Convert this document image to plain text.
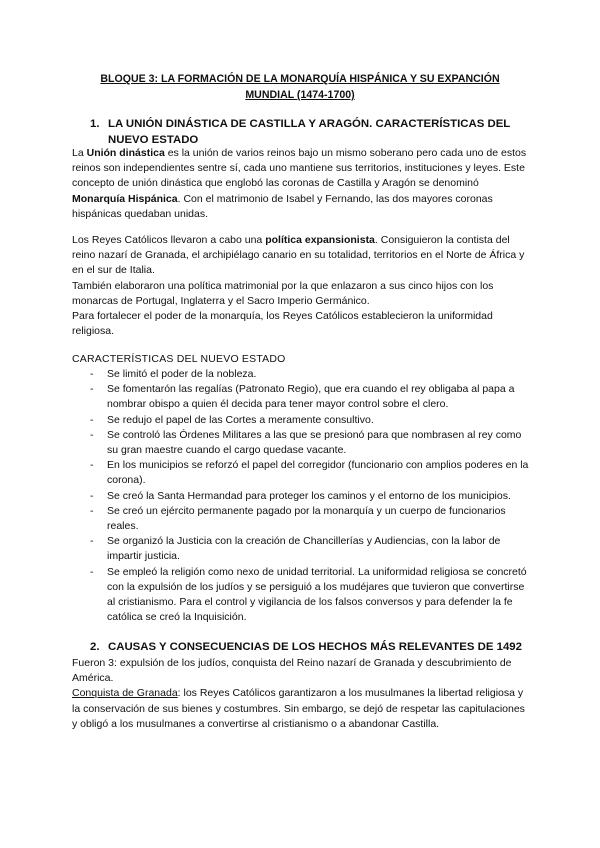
BLOQUE 3: LA FORMACIÓN DE LA MONARQUÍA HISPÁNICA Y SU EXPANCIÓN
MUNDIAL (1474-1700)
1. LA UNIÓN DINÁSTICA DE CASTILLA Y ARAGÓN. CARACTERÍSTICAS DEL
NUEVO ESTADO

La Unión dinástica es la unión de varios reinos bajo un mismo soberano pero cada uno de estos reinos son independientes sentre sí, cada uno mantiene sus territorios, instituciones y leyes. Este concepto de unión dinástica que englobó las coronas de Castilla y Aragón se denominó Monarquía Hispánica. Con el matrimonio de Isabel y Fernando, las dos mayores coronas hispánicas quedaban unidas.

Los Reyes Católicos llevaron a cabo una política expansionista. Consiguieron la contista del reino nazarí de Granada, el archipiélago canario en su totalidad, territorios en el Norte de África y en el sur de Italia.

También elaboraron una política matrimonial por la que enlazaron a sus cinco hijos con los monarcas de Portugal, Inglaterra y el Sacro Imperio Germánico.

Para fortalecer el poder de la monarquía, los Reyes Católicos establecieron la uniformidad religiosa.

CARACTERÍSTICAS DEL NUEVO ESTADO
- Se limitó el poder de la nobleza.
- Se fomentarón las regalías (Patronato Regio), que era cuando el rey obligaba al papa a nombrar obispo a quien él decida para tener mayor control sobre el clero.
- Se redujo el papel de las Cortes a meramente consultivo.
- Se controló las Órdenes Militares a las que se presionó para que nombrasen al rey como su gran maestre cuando el cargo quedase vacante.
- En los municipios se reforzó el papel del corregidor (funcionario con amplios poderes en la corona).
- Se creó la Santa Hermandad para proteger los caminos y el entorno de los municipios.
- Se creó un ejército permanente pagado por la monarquía y un cuerpo de funcionarios reales.
- Se organizó la Justicia con la creación de Chancillerías y Audiencias, con la labor de impartir justicia.
- Se empleó la religión como nexo de unidad territorial. La uniformidad religiosa se concretó con la expulsión de los judíos y se persiguió a los mudéjares que tuvieron que convertirse al cristianismo. Para el control y vigilancia de los falsos conversos y para defender la fe católica se creó la Inquisición.
2. CAUSAS Y CONSECUENCIAS DE LOS HECHOS MÁS RELEVANTES DE 1492

Fueron 3: expulsión de los judíos, conquista del Reino nazarí de Granada y descubrimiento de América.

Conquista de Granada: los Reyes Católicos garantizaron a los musulmanes la libertad religiosa y la conservación de sus bienes y costumbres. Sin embargo, se dejó de respetar las capitulaciones y obligó a los musulmanes a convertirse al cristianismo o a abandonar Castilla.
